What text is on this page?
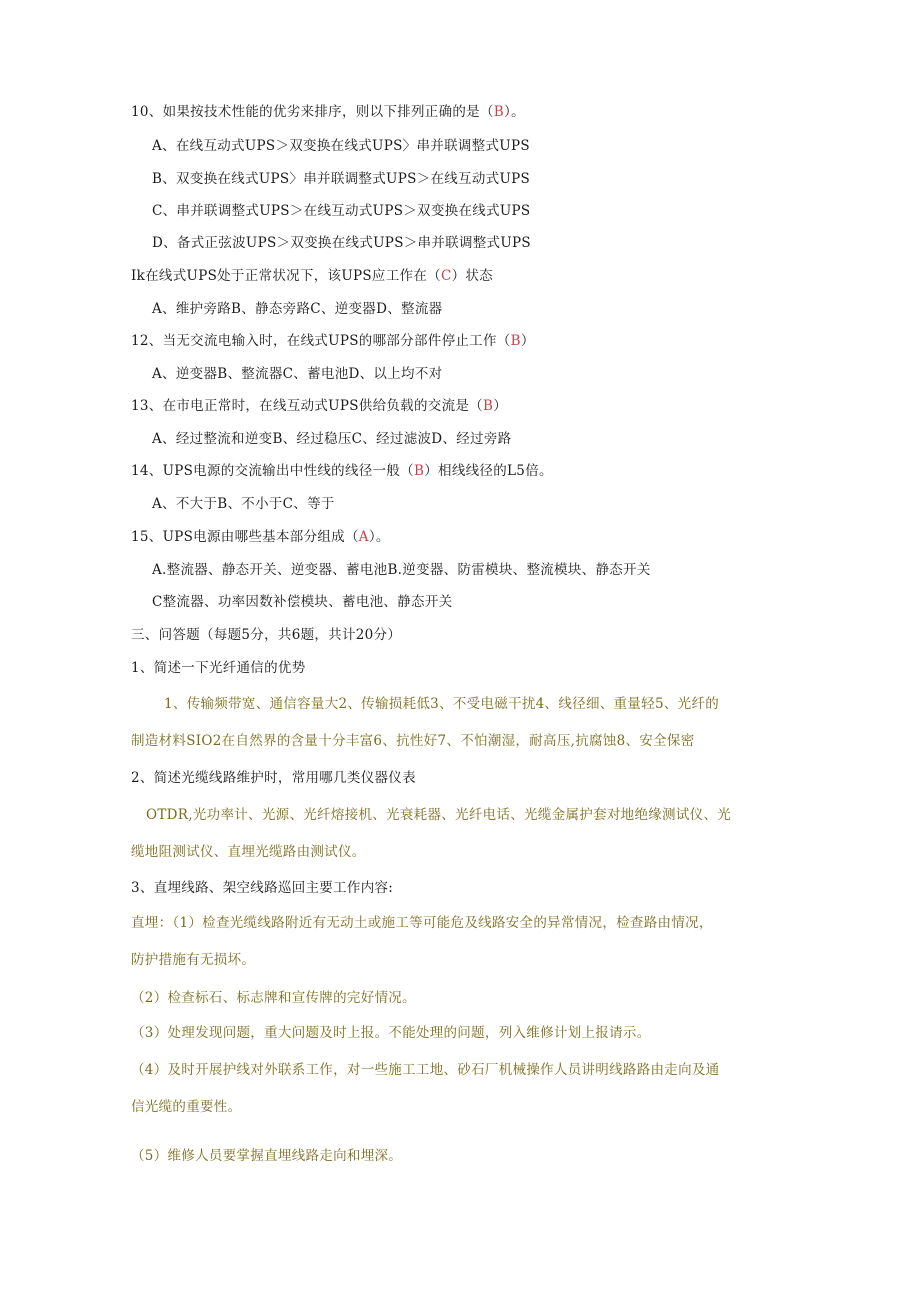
10、如果按技术性能的优劣来排序，则以下排列正确的是（B）。
A、在线互动式UPS＞双变换在线式UPS〉串并联调整式UPS
B、双变换在线式UPS〉串并联调整式UPS＞在线互动式UPS
C、串并联调整式UPS＞在线互动式UPS＞双变换在线式UPS
D、备式正弦波UPS＞双变换在线式UPS＞串并联调整式UPS
Ik在线式UPS处于正常状况下，该UPS应工作在（C）状态
A、维护旁路B、静态旁路C、逆变器D、整流器
12、当无交流电输入时，在线式UPS的哪部分部件停止工作（B）
A、逆变器B、整流器C、蓄电池D、以上均不对
13、在市电正常时，在线互动式UPS供给负载的交流是（B）
A、经过整流和逆变B、经过稳压C、经过滤波D、经过旁路
14、UPS电源的交流输出中性线的线径一般（B）相线线径的L5倍。
A、不大于B、不小于C、等于
15、UPS电源由哪些基本部分组成（A）。
A.整流器、静态开关、逆变器、蓄电池B.逆变器、防雷模块、整流模块、静态开关
C整流器、功率因数补偿模块、蓄电池、静态开关
三、问答题（每题5分，共6题，共计20分）
1、简述一下光纤通信的优势
1、传输频带宽、通信容量大2、传输损耗低3、不受电磁干扰4、线径细、重量轻5、光纤的
制造材料SIO2在自然界的含量十分丰富6、抗性好7、不怕潮湿，耐高压,抗腐蚀8、安全保密
2、简述光缆线路维护时，常用哪几类仪器仪表
OTDR,光功率计、光源、光纤熔接机、光衰耗器、光纤电话、光缆金属护套对地绝缘测试仪、光
缆地阻测试仪、直埋光缆路由测试仪。
3、直埋线路、架空线路巡回主要工作内容:
直埋：（1）检查光缆线路附近有无动土或施工等可能危及线路安全的异常情况，检查路由情况，
防护措施有无损坏。
（2）检查标石、标志牌和宣传牌的完好情况。
（3）处理发现问题，重大问题及时上报。不能处理的问题，列入维修计划上报请示。
（4）及时开展护线对外联系工作，对一些施工工地、砂石厂机械操作人员讲明线路路由走向及通
信光缆的重要性。
（5）维修人员要掌握直埋线路走向和埋深。
